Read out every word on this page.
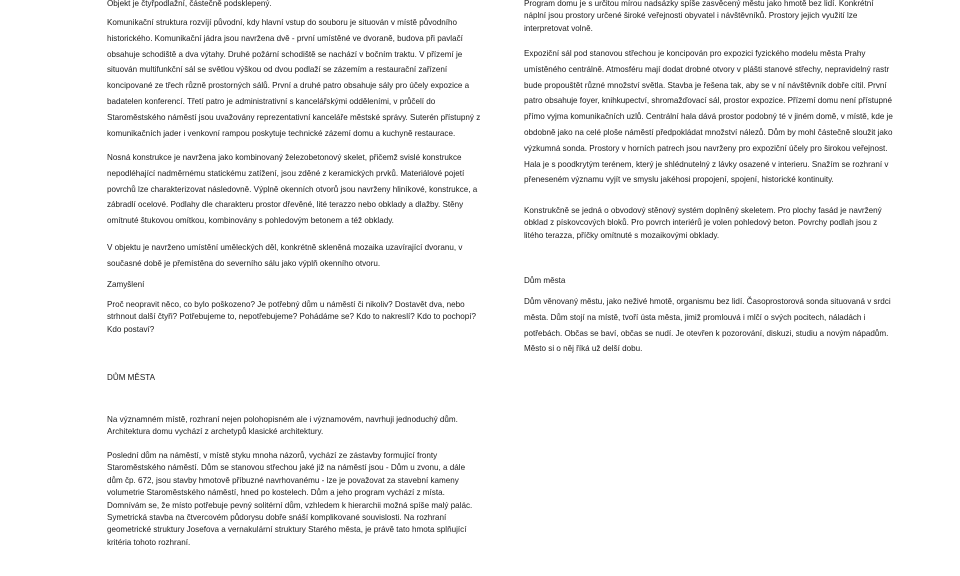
Objekt je čtyřpodlažní, částečně podsklepený.

Komunikační struktura rozvíjí původní, kdy hlavní vstup do souboru je situován v místě původního historického. Komunikační jádra jsou navržena dvě - první umístěné ve dvoraně, budova při pavlačí obsahuje schodiště a dva výtahy. Druhé požární schodiště se nachází v bočním traktu. V přízemí je situován multifunkční sál se světlou výškou od dvou podlaží se zázemím a restaurační zařízení koncipované ze třech různě prostorných sálů. První a druhé patro obsahuje sály pro účely expozice a badatelen konferencí. Třetí patro je administrativní s kancelářskými odděleními, v průčelí do Staroměstského náměstí jsou uvažovány reprezentativní kanceláře městské správy. Suterén přístupný z komunikačních jader i venkovní rampou poskytuje technické zázemí domu a kuchyně restaurace.

Nosná konstrukce je navržena jako kombinovaný železobetonový skelet, přičemž svislé konstrukce nepodléhající nadměrnému statickému zatížení, jsou zděné z keramických prvků. Materiálové pojetí povrchů lze charakterizovat následovně. Výplně okenních otvorů jsou navrženy hliníkové, konstrukce, a zábradlí ocelové. Podlahy dle charakteru prostor dřevěné, lité terazzo nebo obklady a dlažby. Stěny omítnuté štukovou omítkou, kombinovány s pohledovým betonem a též obklady.

V objektu je navrženo umístění uměleckých děl, konkrétně skleněná mozaika uzavírající dvoranu, v současné době je přemístěna do severního sálu jako výplň okenního otvoru.

Zamyšlení

Proč neopravit něco, co bylo poškozeno? Je potřebný dům u náměstí či nikoliv? Dostavět dva, nebo strhnout další čtyři? Potřebujeme to, nepotřebujeme? Pohádáme se? Kdo to nakreslí? Kdo to pochopí? Kdo postaví?

DŮM MĚSTA

Na významném místě, rozhraní nejen polohopisném ale i významovém, navrhuji jednoduchý dům. Architektura domu vychází z archetypů klasické architektury.

Poslední dům na náměstí, v místě styku mnoha názorů, vychází ze zástavby formující fronty Staroměstského náměstí. Dům se stanovou střechou jaké již na náměstí jsou - Dům u zvonu, a dále dům čp. 672, jsou stavby hmotově příbuzné navrhovanému - lze je považovat za stavební kameny volumetrie Staroměstského náměstí, hned po kostelech. Dům a jeho program vychází z místa. Domnívám se, že místo potřebuje pevný solitérní dům, vzhledem k hierarchii možná spíše malý palác. Symetrická stavba na čtvercovém půdorysu dobře snáší komplikované souvislosti. Na rozhraní geometrické struktury Josefova a vernakulární struktury Starého města, je právě tato hmota splňující kritéria tohoto rozhraní.

Program domu je s určitou mírou nadsázky spíše zasvěcený městu jako hmotě bez lidí. Konkrétní náplní jsou prostory určené široké veřejnosti obyvatel i návštěvníků. Prostory jejich využití lze interpretovat volně.

Expoziční sál pod stanovou střechou je koncipován pro expozici fyzického modelu města Prahy umístěného centrálně. Atmosféru mají dodat drobné otvory v plášti stanové střechy, nepravidelný rastr bude propouštět různé množství světla. Stavba je řešena tak, aby se v ní návštěvník dobře cítil. První patro obsahuje foyer, knihkupectví, shromažďovací sál, prostor expozice. Přízemí domu není přístupné přímo vyjma komunikačních uzlů. Centrální hala dává prostor podobný té v jiném domě, v místě, kde je obdobně jako na celé ploše náměstí předpokládat množství nálezů. Dům by mohl částečně sloužit jako výzkumná sonda. Prostory v horních patrech jsou navrženy pro expoziční účely pro širokou veřejnost. Hala je s poodkrytým terénem, který je shlédnutelný z lávky osazené v interieru. Snažím se rozhraní v přeneseném významu vyjít ve smyslu jakéhosi propojení, spojení, historické kontinuity.

Konstrukčně se jedná o obvodový stěnový systém doplněný skeletem. Pro plochy fasád je navržený obklad z pískovcových bloků. Pro povrch interiérů je volen pohledový beton. Povrchy podlah jsou z litého terazza, příčky omítnuté s mozaikovými obklady.

Dům města

Dům věnovaný městu, jako neživé hmotě, organismu bez lidí. Časoprostorová sonda situovaná v srdci města. Dům stojí na místě, tvoří ústa města, jimiž promlouvá i mlčí o svých pocitech, náladách i potřebách. Občas se baví, občas se nudí. Je otevřen k pozorování, diskuzi, studiu a novým nápadům. Město si o něj říká už delší dobu.
